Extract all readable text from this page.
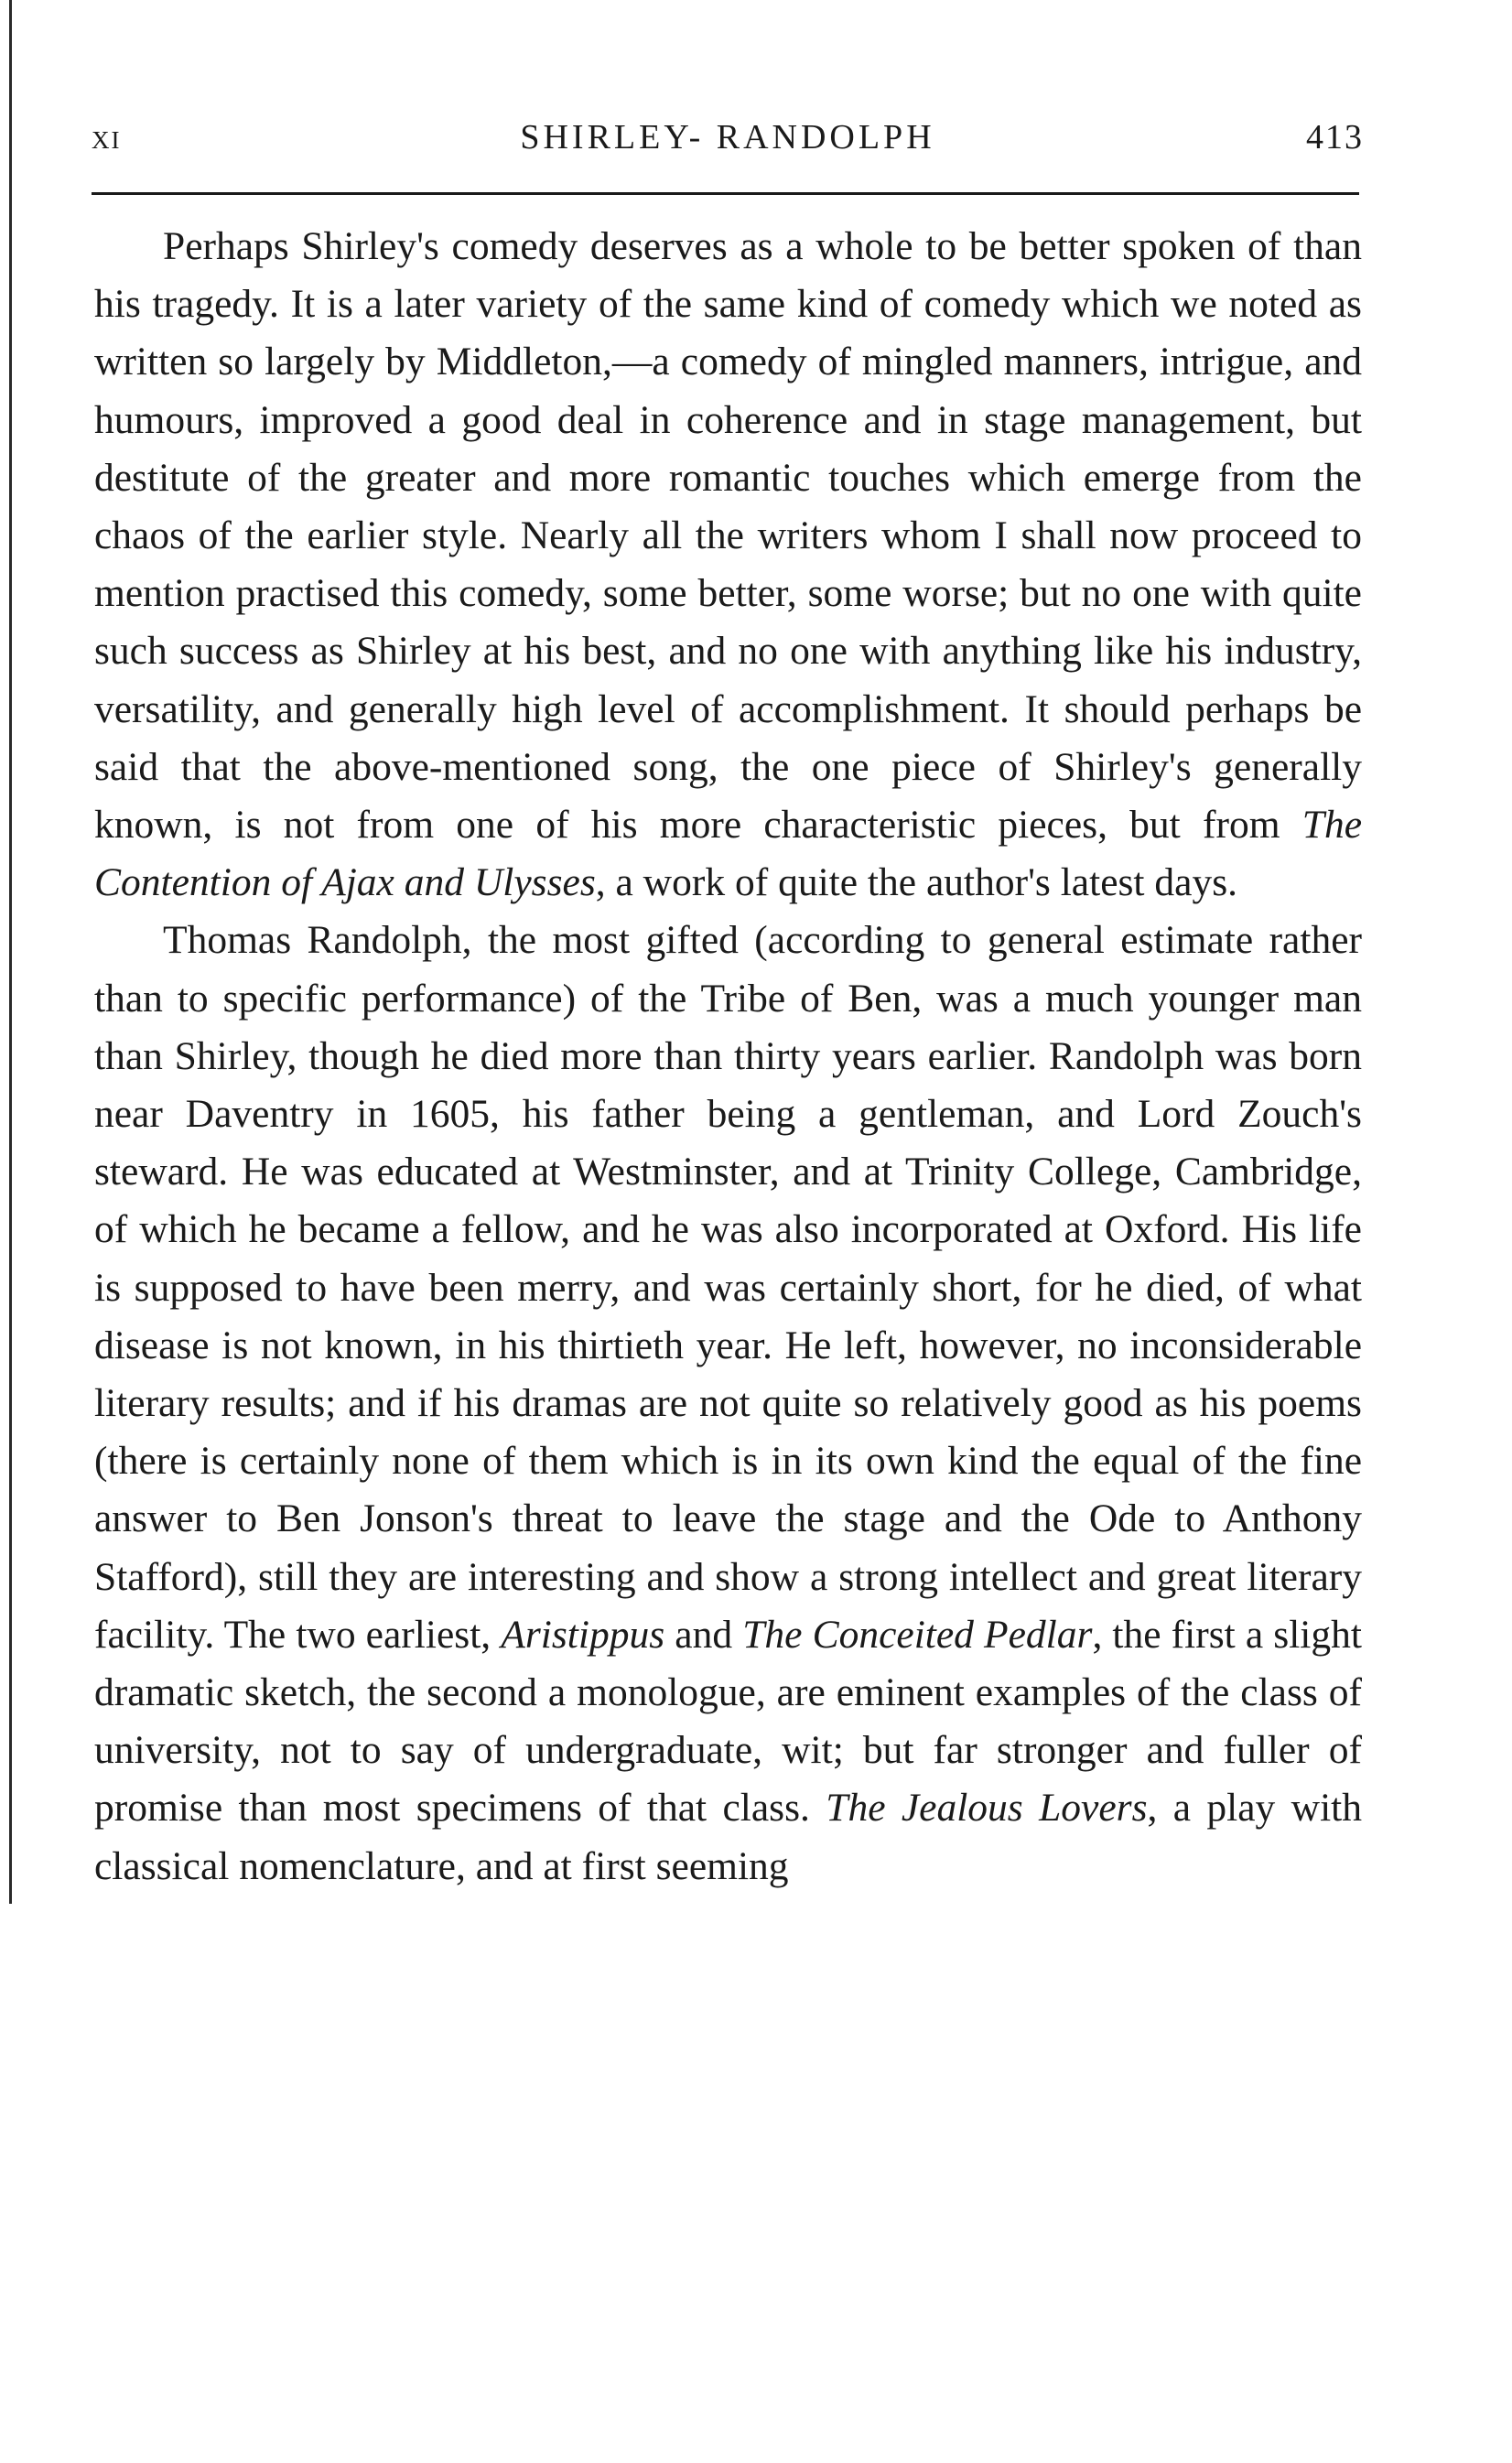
xi	SHIRLEY- RANDOLPH	413

Perhaps Shirley's comedy deserves as a whole to be better spoken of than his tragedy. It is a later variety of the same kind of comedy which we noted as written so largely by Middleton,—a comedy of mingled manners, intrigue, and humours, improved a good deal in coherence and in stage management, but destitute of the greater and more romantic touches which emerge from the chaos of the earlier style. Nearly all the writers whom I shall now proceed to mention practised this comedy, some better, some worse; but no one with quite such success as Shirley at his best, and no one with anything like his industry, versatility, and generally high level of accomplishment. It should perhaps be said that the above-mentioned song, the one piece of Shirley's generally known, is not from one of his more characteristic pieces, but from The Contention of Ajax and Ulysses, a work of quite the author's latest days.

Thomas Randolph, the most gifted (according to general estimate rather than to specific performance) of the Tribe of Ben, was a much younger man than Shirley, though he died more than thirty years earlier. Randolph was born near Daventry in 1605, his father being a gentleman, and Lord Zouch's steward. He was educated at Westminster, and at Trinity College, Cambridge, of which he became a fellow, and he was also incorporated at Oxford. His life is supposed to have been merry, and was certainly short, for he died, of what disease is not known, in his thirtieth year. He left, however, no inconsiderable literary results; and if his dramas are not quite so relatively good as his poems (there is certainly none of them which is in its own kind the equal of the fine answer to Ben Jonson's threat to leave the stage and the Ode to Anthony Stafford), still they are interesting and show a strong intellect and great literary facility. The two earliest, Aristippus and The Conceited Pedlar, the first a slight dramatic sketch, the second a monologue, are eminent examples of the class of university, not to say of undergraduate, wit; but far stronger and fuller of promise than most specimens of that class. The Jealous Lovers, a play with classical nomenclature, and at first seeming
